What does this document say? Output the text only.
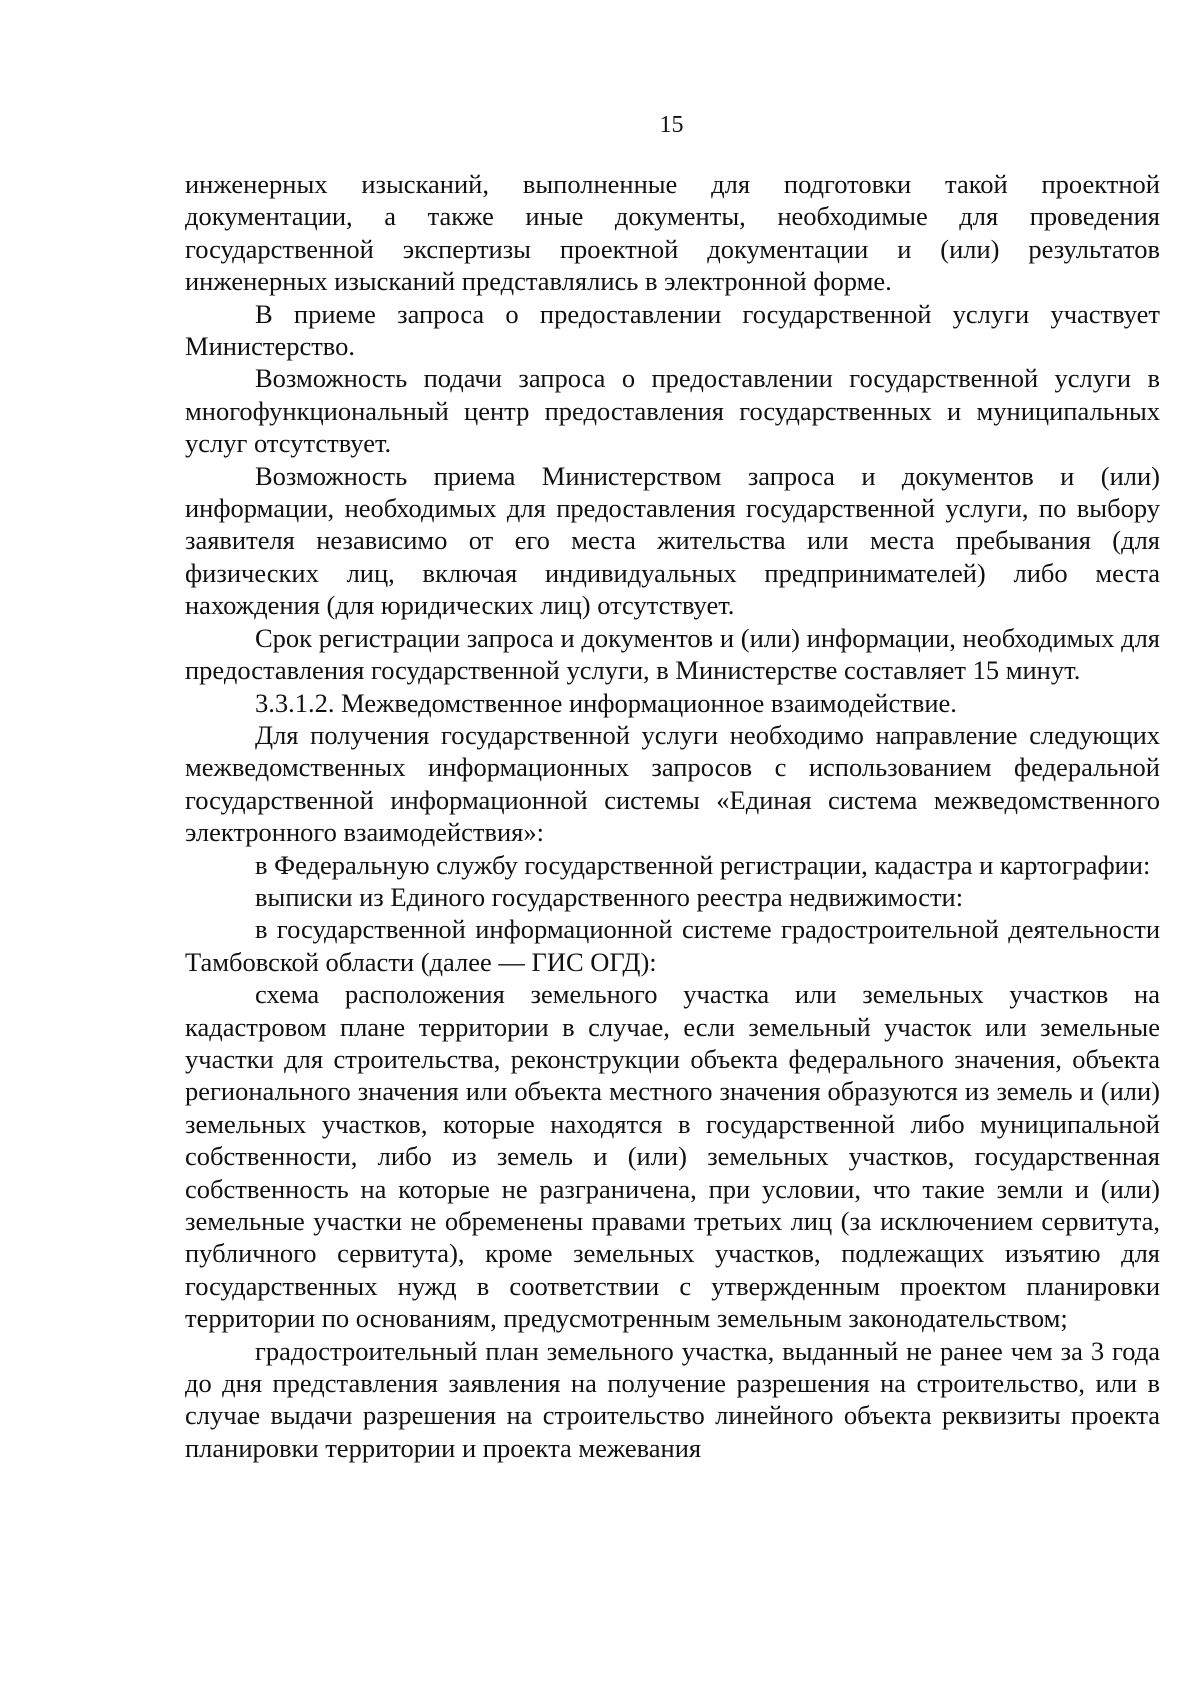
15

инженерных изысканий, выполненные для подготовки такой проектной документации, а также иные документы, необходимые для проведения государственной экспертизы проектной документации и (или) результатов инженерных изысканий представлялись в электронной форме.

В приеме запроса о предоставлении государственной услуги участвует Министерство.

Возможность подачи запроса о предоставлении государственной услуги в многофункциональный центр предоставления государственных и муниципальных услуг отсутствует.

Возможность приема Министерством запроса и документов и (или) информации, необходимых для предоставления государственной услуги, по выбору заявителя независимо от его места жительства или места пребывания (для физических лиц, включая индивидуальных предпринимателей) либо места нахождения (для юридических лиц) отсутствует.

Срок регистрации запроса и документов и (или) информации, необходимых для предоставления государственной услуги, в Министерстве составляет 15 минут.

3.3.1.2. Межведомственное информационное взаимодействие.

Для получения государственной услуги необходимо направление следующих межведомственных информационных запросов с использованием федеральной государственной информационной системы «Единая система межведомственного электронного взаимодействия»:

в Федеральную службу государственной регистрации, кадастра и картографии:

выписки из Единого государственного реестра недвижимости:

в государственной информационной системе градостроительной деятельности Тамбовской области (далее — ГИС ОГД):

схема расположения земельного участка или земельных участков на кадастровом плане территории в случае, если земельный участок или земельные участки для строительства, реконструкции объекта федерального значения, объекта регионального значения или объекта местного значения образуются из земель и (или) земельных участков, которые находятся в государственной либо муниципальной собственности, либо из земель и (или) земельных участков, государственная собственность на которые не разграничена, при условии, что такие земли и (или) земельные участки не обременены правами третьих лиц (за исключением сервитута, публичного сервитута), кроме земельных участков, подлежащих изъятию для государственных нужд в соответствии с утвержденным проектом планировки территории по основаниям, предусмотренным земельным законодательством;

градостроительный план земельного участка, выданный не ранее чем за 3 года до дня представления заявления на получение разрешения на строительство, или в случае выдачи разрешения на строительство линейного объекта реквизиты проекта планировки территории и проекта межевания
